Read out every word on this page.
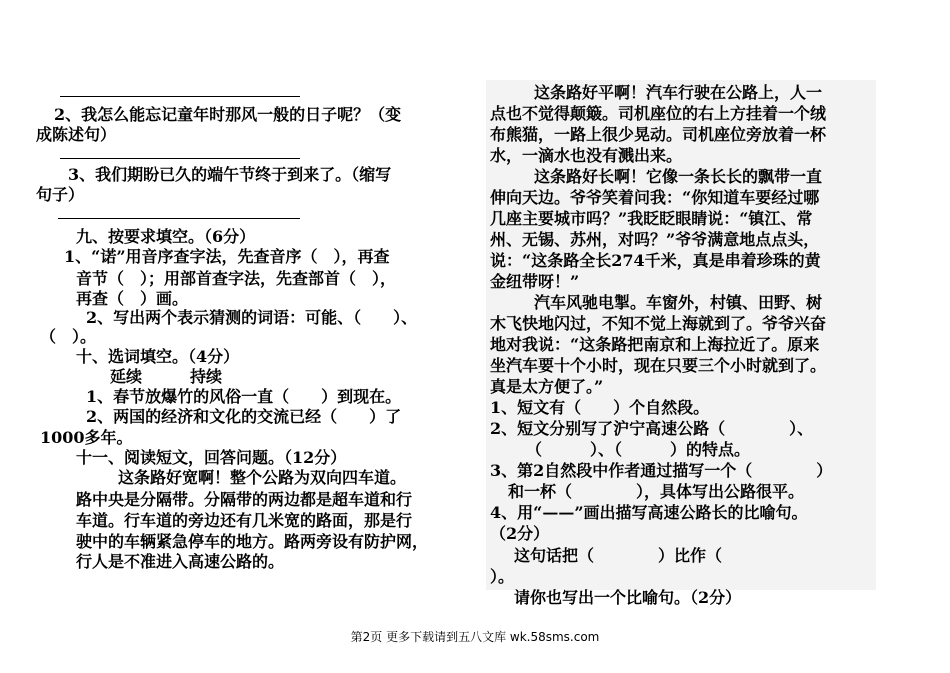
2、我怎么能忘记童年时那风一般的日子呢？（变
成陈述句）
3、我们期盼已久的端午节终于到来了。（缩写
句子）
九、按要求填空。（6分）
1、“诺”用音序查字法，先查音序（　），再查
音节（　）；用部首查字法，先查部首（　），
再查（　）画。
2、写出两个表示猜测的词语：可能、（　　）、
（　）。
十、选词填空。（4分）
延续　　　持续
1、春节放爆竹的风俗一直（　　）到现在。
2、两国的经济和文化的交流已经（　　）了
1000多年。
十一、阅读短文，回答问题。（12分）
这条路好宽啊！整个公路为双向四车道。
路中央是分隔带。分隔带的两边都是超车道和行
车道。行车道的旁边还有几米宽的路面，那是行
驶中的车辆紧急停车的地方。路两旁设有防护网，
行人是不准进入高速公路的。
这条路好平啊！汽车行驶在公路上，人一
点也不觉得颠簸。司机座位的右上方挂着一个绒
布熊猫，一路上很少晃动。司机座位旁放着一杯
水，一滴水也没有溅出来。
这条路好长啊！它像一条长长的飘带一直
伸向天边。爷爷笑着问我：“你知道车要经过哪
几座主要城市吗？”我眨眨眼睛说：“镇江、常
州、无锡、苏州，对吗？”爷爷满意地点点头，
说：“这条路全长274千米，真是串着珍珠的黄
金纽带呀！”
汽车风驰电掣。车窗外，村镇、田野、树
木飞快地闪过，不知不觉上海就到了。爷爷兴奋
地对我说：“这条路把南京和上海拉近了。原来
坐汽车要十个小时，现在只要三个小时就到了。
真是太方便了。”
1、短文有（　　）个自然段。
2、短文分别写了沪宁高速公路（　　　　）、
（　　　）、（　　　）的特点。
3、第2自然段中作者通过描写一个（　　　　）
和一杯（　　　　），具体写出公路很平。
4、用“——”画出描写高速公路长的比喻句。
（2分）
这句话把（　　　　）比作（　
）。
请你也写出一个比喻句。（2分）
第2页 更多下载请到五八文库 wk.58sms.com
